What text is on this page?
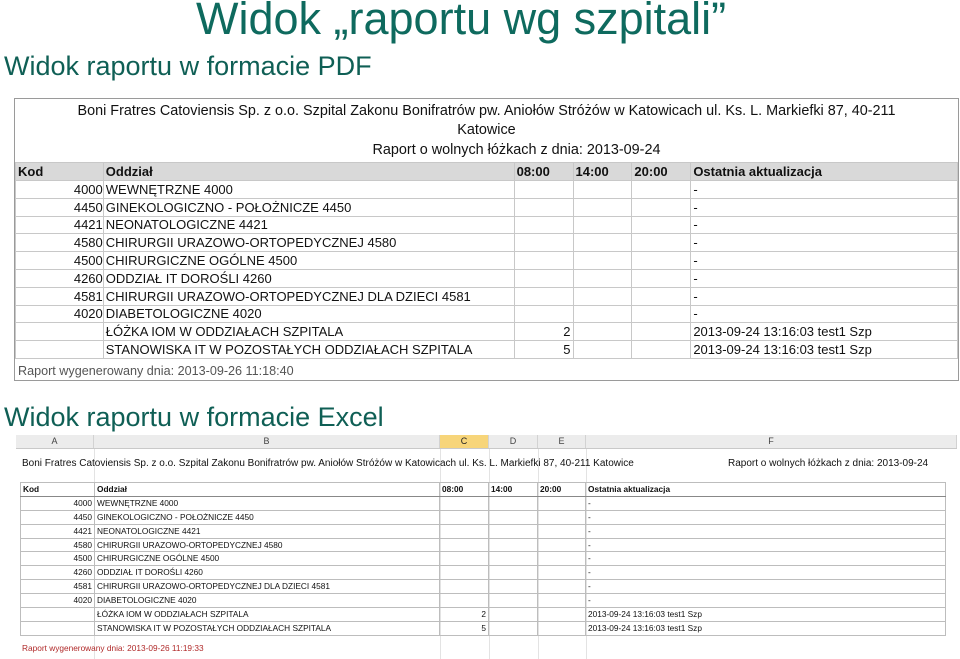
Widok „raportu wg szpitali”
Widok raportu w formacie PDF
Boni Fratres Catoviensis Sp. z o.o. Szpital Zakonu Bonifratrów pw. Aniołów Stróżów w Katowicach ul. Ks. L. Markiefki 87, 40-211
Katowice
Raport o wolnych łóżkach z dnia: 2013-09-24
Kod	Oddział	08:00	14:00	20:00	Ostatnia aktualizacja
4000	WEWNĘTRZNE 4000				-
4450	GINEKOLOGICZNO - POŁOŻNICZE 4450				-
4421	NEONATOLOGICZNE 4421				-
4580	CHIRURGII URAZOWO-ORTOPEDYCZNEJ 4580				-
4500	CHIRURGICZNE OGÓLNE 4500				-
4260	ODDZIAŁ IT DOROŚLI 4260				-
4581	CHIRURGII URAZOWO-ORTOPEDYCZNEJ DLA DZIECI 4581				-
4020	DIABETOLOGICZNE 4020				-
	ŁÓŻKA IOM W ODDZIAŁACH SZPITALA	2			2013-09-24 13:16:03 test1 Szp
	STANOWISKA IT W POZOSTAŁYCH ODDZIAŁACH SZPITALA	5			2013-09-24 13:16:03 test1 Szp
Raport wygenerowany dnia: 2013-09-26 11:18:40
Widok raportu w formacie Excel
A	B	C	D	E	F
Boni Fratres Catoviensis Sp. z o.o. Szpital Zakonu Bonifratrów pw. Aniołów Stróżów w Katowicach ul. Ks. L. Markiefki 87, 40-211 Katowice	Raport o wolnych łóżkach z dnia: 2013-09-24
Kod	Oddział	08:00	14:00	20:00	Ostatnia aktualizacja
4000	WEWNĘTRZNE 4000				-
4450	GINEKOLOGICZNO - POŁOŻNICZE 4450				-
4421	NEONATOLOGICZNE 4421				-
4580	CHIRURGII URAZOWO-ORTOPEDYCZNEJ 4580				-
4500	CHIRURGICZNE OGÓLNE 4500				-
4260	ODDZIAŁ IT DOROŚLI 4260				-
4581	CHIRURGII URAZOWO-ORTOPEDYCZNEJ DLA DZIECI 4581				-
4020	DIABETOLOGICZNE 4020				-
	ŁÓŻKA IOM W ODDZIAŁACH SZPITALA	2			2013-09-24 13:16:03 test1 Szp
	STANOWISKA IT W POZOSTAŁYCH ODDZIAŁACH SZPITALA	5			2013-09-24 13:16:03 test1 Szp
Raport wygenerowany dnia: 2013-09-26 11:19:33
